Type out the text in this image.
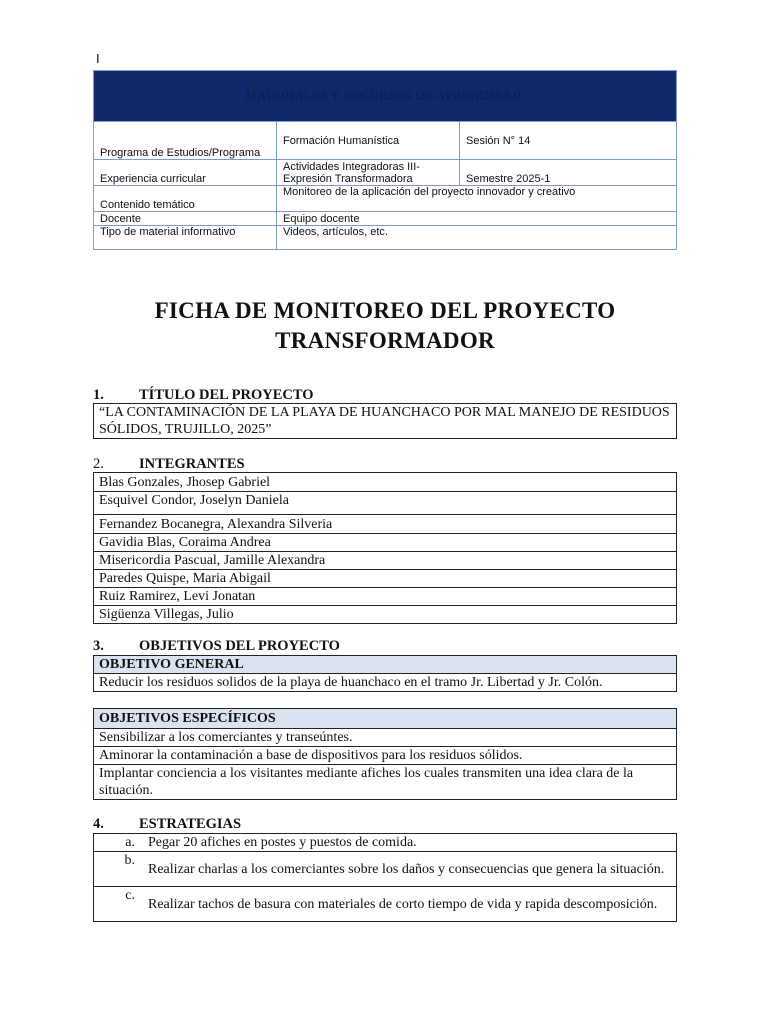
I
MATERIALES Y RECURSOS DE APRENDIZAJE		
Programa de Estudios/Programa	Formación Humanística	Sesión N° 14
Experiencia curricular	Actividades Integradoras III- Expresión Transformadora	Semestre 2025-1
Contenido temático	Monitoreo de la aplicación del proyecto innovador y creativo	
Docente	Equipo docente	
Tipo de material informativo	Videos, artículos, etc.	
FICHA DE MONITOREO DEL PROYECTO
TRANSFORMADOR
1. TÍTULO DEL PROYECTO
“LA CONTAMINACIÓN DE LA PLAYA DE HUANCHACO POR MAL MANEJO DE RESIDUOS SÓLIDOS, TRUJILLO, 2025”
2. INTEGRANTES
Blas Gonzales, Jhosep Gabriel
Esquivel Condor, Joselyn Daniela
Fernandez Bocanegra, Alexandra Silveria
Gavidia Blas, Coraima Andrea
Misericordia Pascual, Jamille Alexandra
Paredes Quispe, Maria Abigail
Ruiz Ramirez, Levi Jonatan
Sigüenza Villegas, Julio
3. OBJETIVOS DEL PROYECTO
OBJETIVO GENERAL
Reducir los residuos solidos de la playa de huanchaco en el tramo Jr. Libertad y Jr. Colón.
OBJETIVOS ESPECÍFICOS
Sensibilizar a los comerciantes y transeúntes.
Aminorar la contaminación a base de dispositivos para los residuos sólidos.
Implantar conciencia a los visitantes mediante afiches los cuales transmiten una idea clara de la situación.
4. ESTRATEGIAS
a.	Pegar 20 afiches en postes y puestos de comida.
b.	Realizar charlas a los comerciantes sobre los daños y consecuencias que genera la situación.
c.	Realizar tachos de basura con materiales de corto tiempo de vida y rapida descomposición.
